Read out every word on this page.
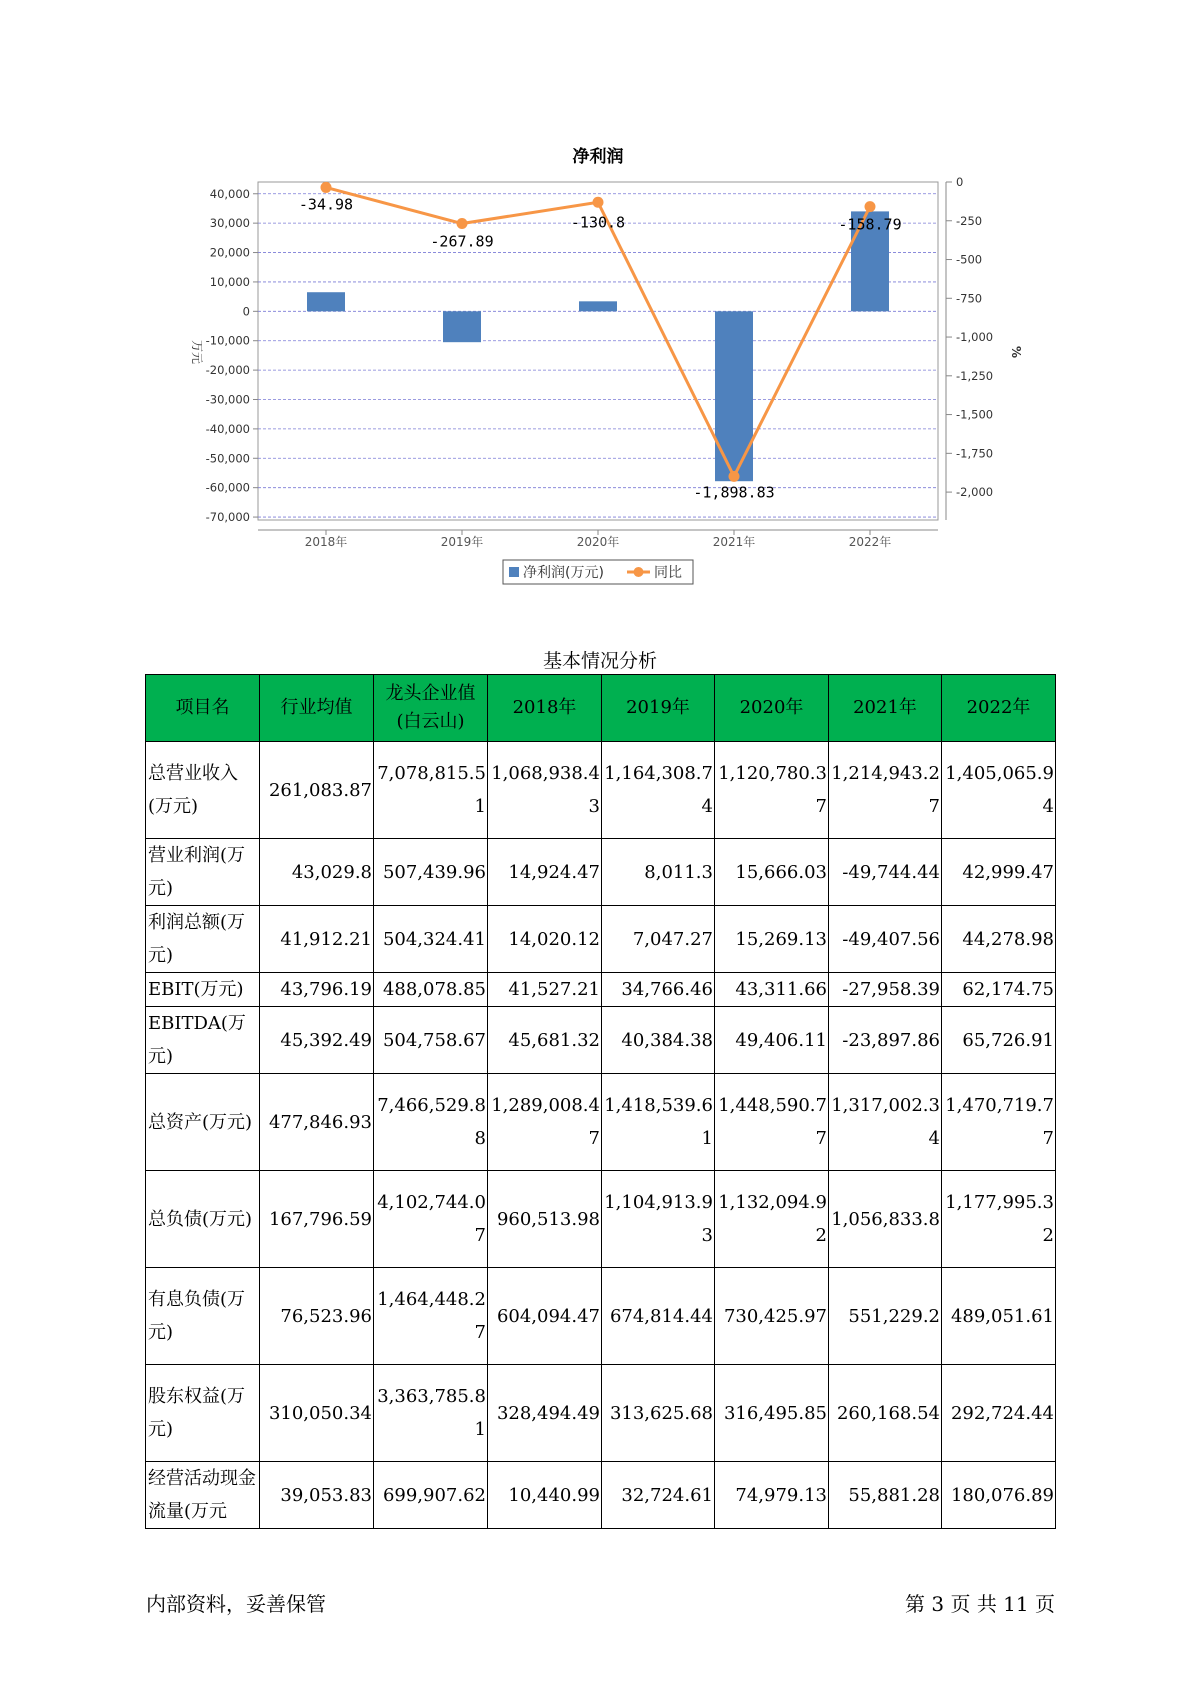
净利润
40,000
30,000
20,000
10,000
0
-10,000
-20,000
-30,000
-40,000
-50,000
-60,000
-70,000
0
-250
-500
-750
-1,000
-1,250
-1,500
-1,750
-2,000
万元	%
2018年	2019年	2020年	2021年	2022年
-34.98
-267.89
-130.8
-1,898.83
-158.79
净利润(万元)	同比
基本情况分析
项目名	行业均值	龙头企业值(白云山)	2018年	2019年	2020年	2021年	2022年
总营业收入(万元)	261,083.87	7,078,815.51	1,068,938.43	1,164,308.74	1,120,780.37	1,214,943.27	1,405,065.94
营业利润(万元)	43,029.8	507,439.96	14,924.47	8,011.3	15,666.03	-49,744.44	42,999.47
利润总额(万元)	41,912.21	504,324.41	14,020.12	7,047.27	15,269.13	-49,407.56	44,278.98
EBIT(万元)	43,796.19	488,078.85	41,527.21	34,766.46	43,311.66	-27,958.39	62,174.75
EBITDA(万元)	45,392.49	504,758.67	45,681.32	40,384.38	49,406.11	-23,897.86	65,726.91
总资产(万元)	477,846.93	7,466,529.88	1,289,008.47	1,418,539.61	1,448,590.77	1,317,002.34	1,470,719.77
总负债(万元)	167,796.59	4,102,744.07	960,513.98	1,104,913.93	1,132,094.92	1,056,833.8	1,177,995.32
有息负债(万元)	76,523.96	1,464,448.27	604,094.47	674,814.44	730,425.97	551,229.2	489,051.61
股东权益(万元)	310,050.34	3,363,785.81	328,494.49	313,625.68	316,495.85	260,168.54	292,724.44
经营活动现金流量(万元	39,053.83	699,907.62	10,440.99	32,724.61	74,979.13	55,881.28	180,076.89
内部资料，妥善保管	第 3 页 共 11 页
